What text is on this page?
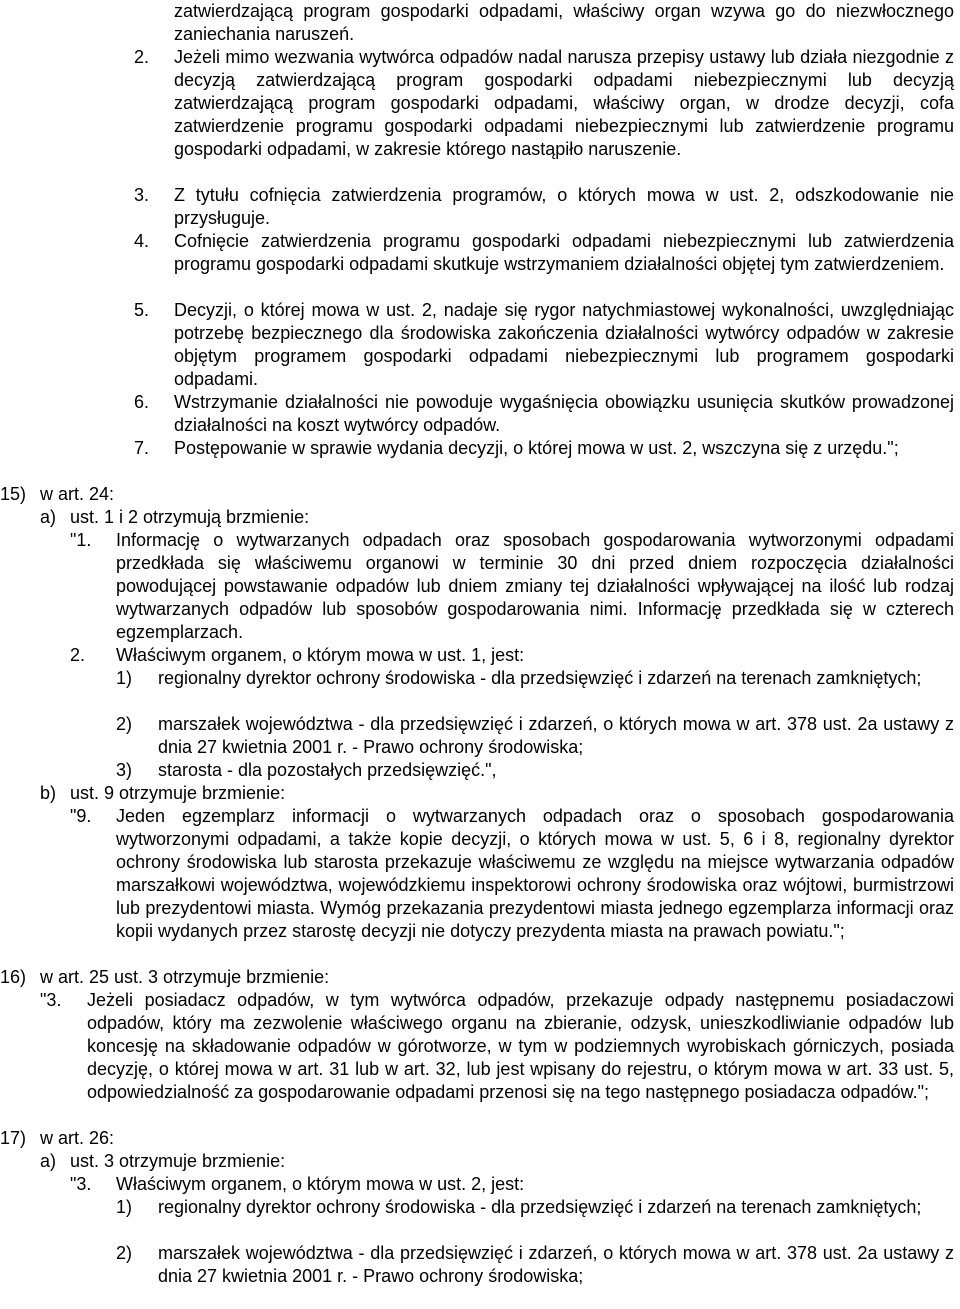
zatwierdzającą program gospodarki odpadami, właściwy organ wzywa go do niezwłocznego zaniechania naruszeń.
2.	Jeżeli mimo wezwania wytwórca odpadów nadal narusza przepisy ustawy lub działa niezgodnie z decyzją zatwierdzającą program gospodarki odpadami niebezpiecznymi lub decyzją zatwierdzającą program gospodarki odpadami, właściwy organ, w drodze decyzji, cofa zatwierdzenie programu gospodarki odpadami niebezpiecznymi lub zatwierdzenie programu gospodarki odpadami, w zakresie którego nastąpiło naruszenie.
3.	Z tytułu cofnięcia zatwierdzenia programów, o których mowa w ust. 2, odszkodowanie nie przysługuje.
4.	Cofnięcie zatwierdzenia programu gospodarki odpadami niebezpiecznymi lub zatwierdzenia programu gospodarki odpadami skutkuje wstrzymaniem działalności objętej tym zatwierdzeniem.
5.	Decyzji, o której mowa w ust. 2, nadaje się rygor natychmiastowej wykonalności, uwzględniając potrzebę bezpiecznego dla środowiska zakończenia działalności wytwórcy odpadów w zakresie objętym programem gospodarki odpadami niebezpiecznymi lub programem gospodarki odpadami.
6.	Wstrzymanie działalności nie powoduje wygaśnięcia obowiązku usunięcia skutków prowadzonej działalności na koszt wytwórcy odpadów.
7.	Postępowanie w sprawie wydania decyzji, o której mowa w ust. 2, wszczyna się z urzędu.";
15) w art. 24:
a) ust. 1 i 2 otrzymują brzmienie:
"1.	Informację o wytwarzanych odpadach oraz sposobach gospodarowania wytworzonymi odpadami przedkłada się właściwemu organowi w terminie 30 dni przed dniem rozpoczęcia działalności powodującej powstawanie odpadów lub dniem zmiany tej działalności wpływającej na ilość lub rodzaj wytwarzanych odpadów lub sposobów gospodarowania nimi. Informację przedkłada się w czterech egzemplarzach.
2.	Właściwym organem, o którym mowa w ust. 1, jest:
1)	regionalny dyrektor ochrony środowiska - dla przedsięwzięć i zdarzeń na terenach zamkniętych;
2)	marszałek województwa - dla przedsięwzięć i zdarzeń, o których mowa w art. 378 ust. 2a ustawy z dnia 27 kwietnia 2001 r. - Prawo ochrony środowiska;
3)	starosta - dla pozostałych przedsięwzięć.",
b) ust. 9 otrzymuje brzmienie:
"9.	Jeden egzemplarz informacji o wytwarzanych odpadach oraz o sposobach gospodarowania wytworzonymi odpadami, a także kopie decyzji, o których mowa w ust. 5, 6 i 8, regionalny dyrektor ochrony środowiska lub starosta przekazuje właściwemu ze względu na miejsce wytwarzania odpadów marszałkowi województwa, wojewódzkiemu inspektorowi ochrony środowiska oraz wójtowi, burmistrzowi lub prezydentowi miasta. Wymóg przekazania prezydentowi miasta jednego egzemplarza informacji oraz kopii wydanych przez starostę decyzji nie dotyczy prezydenta miasta na prawach powiatu.";
16) w art. 25 ust. 3 otrzymuje brzmienie:
"3.	Jeżeli posiadacz odpadów, w tym wytwórca odpadów, przekazuje odpady następnemu posiadaczowi odpadów, który ma zezwolenie właściwego organu na zbieranie, odzysk, unieszkodliwianie odpadów lub koncesję na składowanie odpadów w górotworze, w tym w podziemnych wyrobiskach górniczych, posiada decyzję, o której mowa w art. 31 lub w art. 32, lub jest wpisany do rejestru, o którym mowa w art. 33 ust. 5, odpowiedzialność za gospodarowanie odpadami przenosi się na tego następnego posiadacza odpadów.";
17) w art. 26:
a) ust. 3 otrzymuje brzmienie:
"3.	Właściwym organem, o którym mowa w ust. 2, jest:
1)	regionalny dyrektor ochrony środowiska - dla przedsięwzięć i zdarzeń na terenach zamkniętych;
2)	marszałek województwa - dla przedsięwzięć i zdarzeń, o których mowa w art. 378 ust. 2a ustawy z dnia 27 kwietnia 2001 r. - Prawo ochrony środowiska;
